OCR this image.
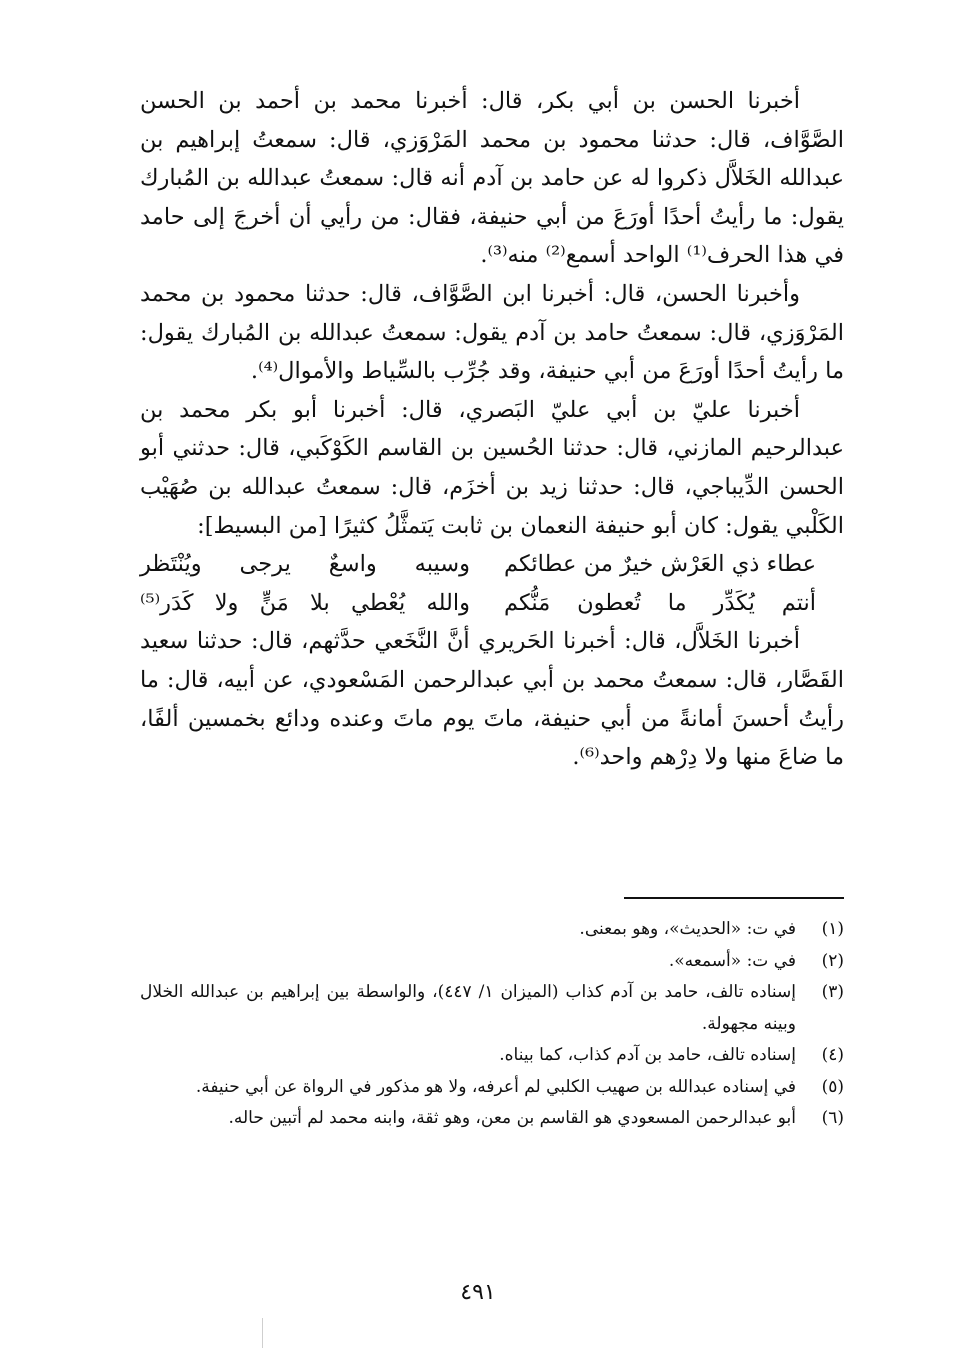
أخبرنا الحسن بن أبي بكر، قال: أخبرنا محمد بن أحمد بن الحسن الصَّوَّاف، قال: حدثنا محمود بن محمد المَرْوَزي، قال: سمعتُ إبراهيم بن عبدالله الخَلاَّل ذكروا له عن حامد بن آدم أنه قال: سمعتُ عبدالله بن المُبارك يقول: ما رأيتُ أحدًا أورَعَ من أبي حنيفة، فقال: من رأيي أن أخرجَ إلى حامد في هذا الحرف⁽¹⁾ الواحد أسمع⁽²⁾ منه⁽³⁾.

وأخبرنا الحسن، قال: أخبرنا ابن الصَّوَّاف، قال: حدثنا محمود بن محمد المَرْوَزي، قال: سمعتُ حامد بن آدم يقول: سمعتُ عبدالله بن المُبارك يقول: ما رأيتُ أحدًا أورَعَ من أبي حنيفة، وقد جُرِّب بالسِّياط والأموال⁽⁴⁾.

أخبرنا عليّ بن أبي عليّ البَصري، قال: أخبرنا أبو بكر محمد بن عبدالرحيم المازني، قال: حدثنا الحُسين بن القاسم الكَوْكَبي، قال: حدثني أبو الحسن الدِّيباجي، قال: حدثنا زيد بن أخزَم، قال: سمعتُ عبدالله بن صُهَيْب الكَلْبي يقول: كان أبو حنيفة النعمان بن ثابت يَتمثَّلُ كثيرًا [من البسيط]:

عطاء ذي العَرْش خيرٌ من عطائكم
وسيبه واسعٌ يرجى ويُنْتَظر
أنتم يُكَدِّر ما تُعطون مَنُّكم
والله يُعْطي بلا مَنٍّ ولا كَدَر⁽⁵⁾

أخبرنا الخَلاَّل، قال: أخبرنا الحَريري أنَّ النَّخَعي حدَّثهم، قال: حدثنا سعيد القَصَّار، قال: سمعتُ محمد بن أبي عبدالرحمن المَسْعودي، عن أبيه، قال: ما رأيتُ أحسنَ أمانةً من أبي حنيفة، ماتَ يوم ماتَ وعنده ودائع بخمسين ألفًا، ما ضاعَ منها ولا دِرْهم واحد⁽⁶⁾.

(١)
في ت: «الحديث»، وهو بمعنى.
(٢)
في ت: «أسمعه».
(٣)
إسناده تالف، حامد بن آدم كذاب (الميزان ١/ ٤٤٧)، والواسطة بين إبراهيم بن عبدالله الخلال وبينه مجهولة.
(٤)
إسناده تالف، حامد بن آدم كذاب، كما بيناه.
(٥)
في إسناده عبدالله بن صهيب الكلبي لم أعرفه، ولا هو مذكور في الرواة عن أبي حنيفة.
(٦)
أبو عبدالرحمن المسعودي هو القاسم بن معن، وهو ثقة، وابنه محمد لم أتبين حاله.
٤٩١
